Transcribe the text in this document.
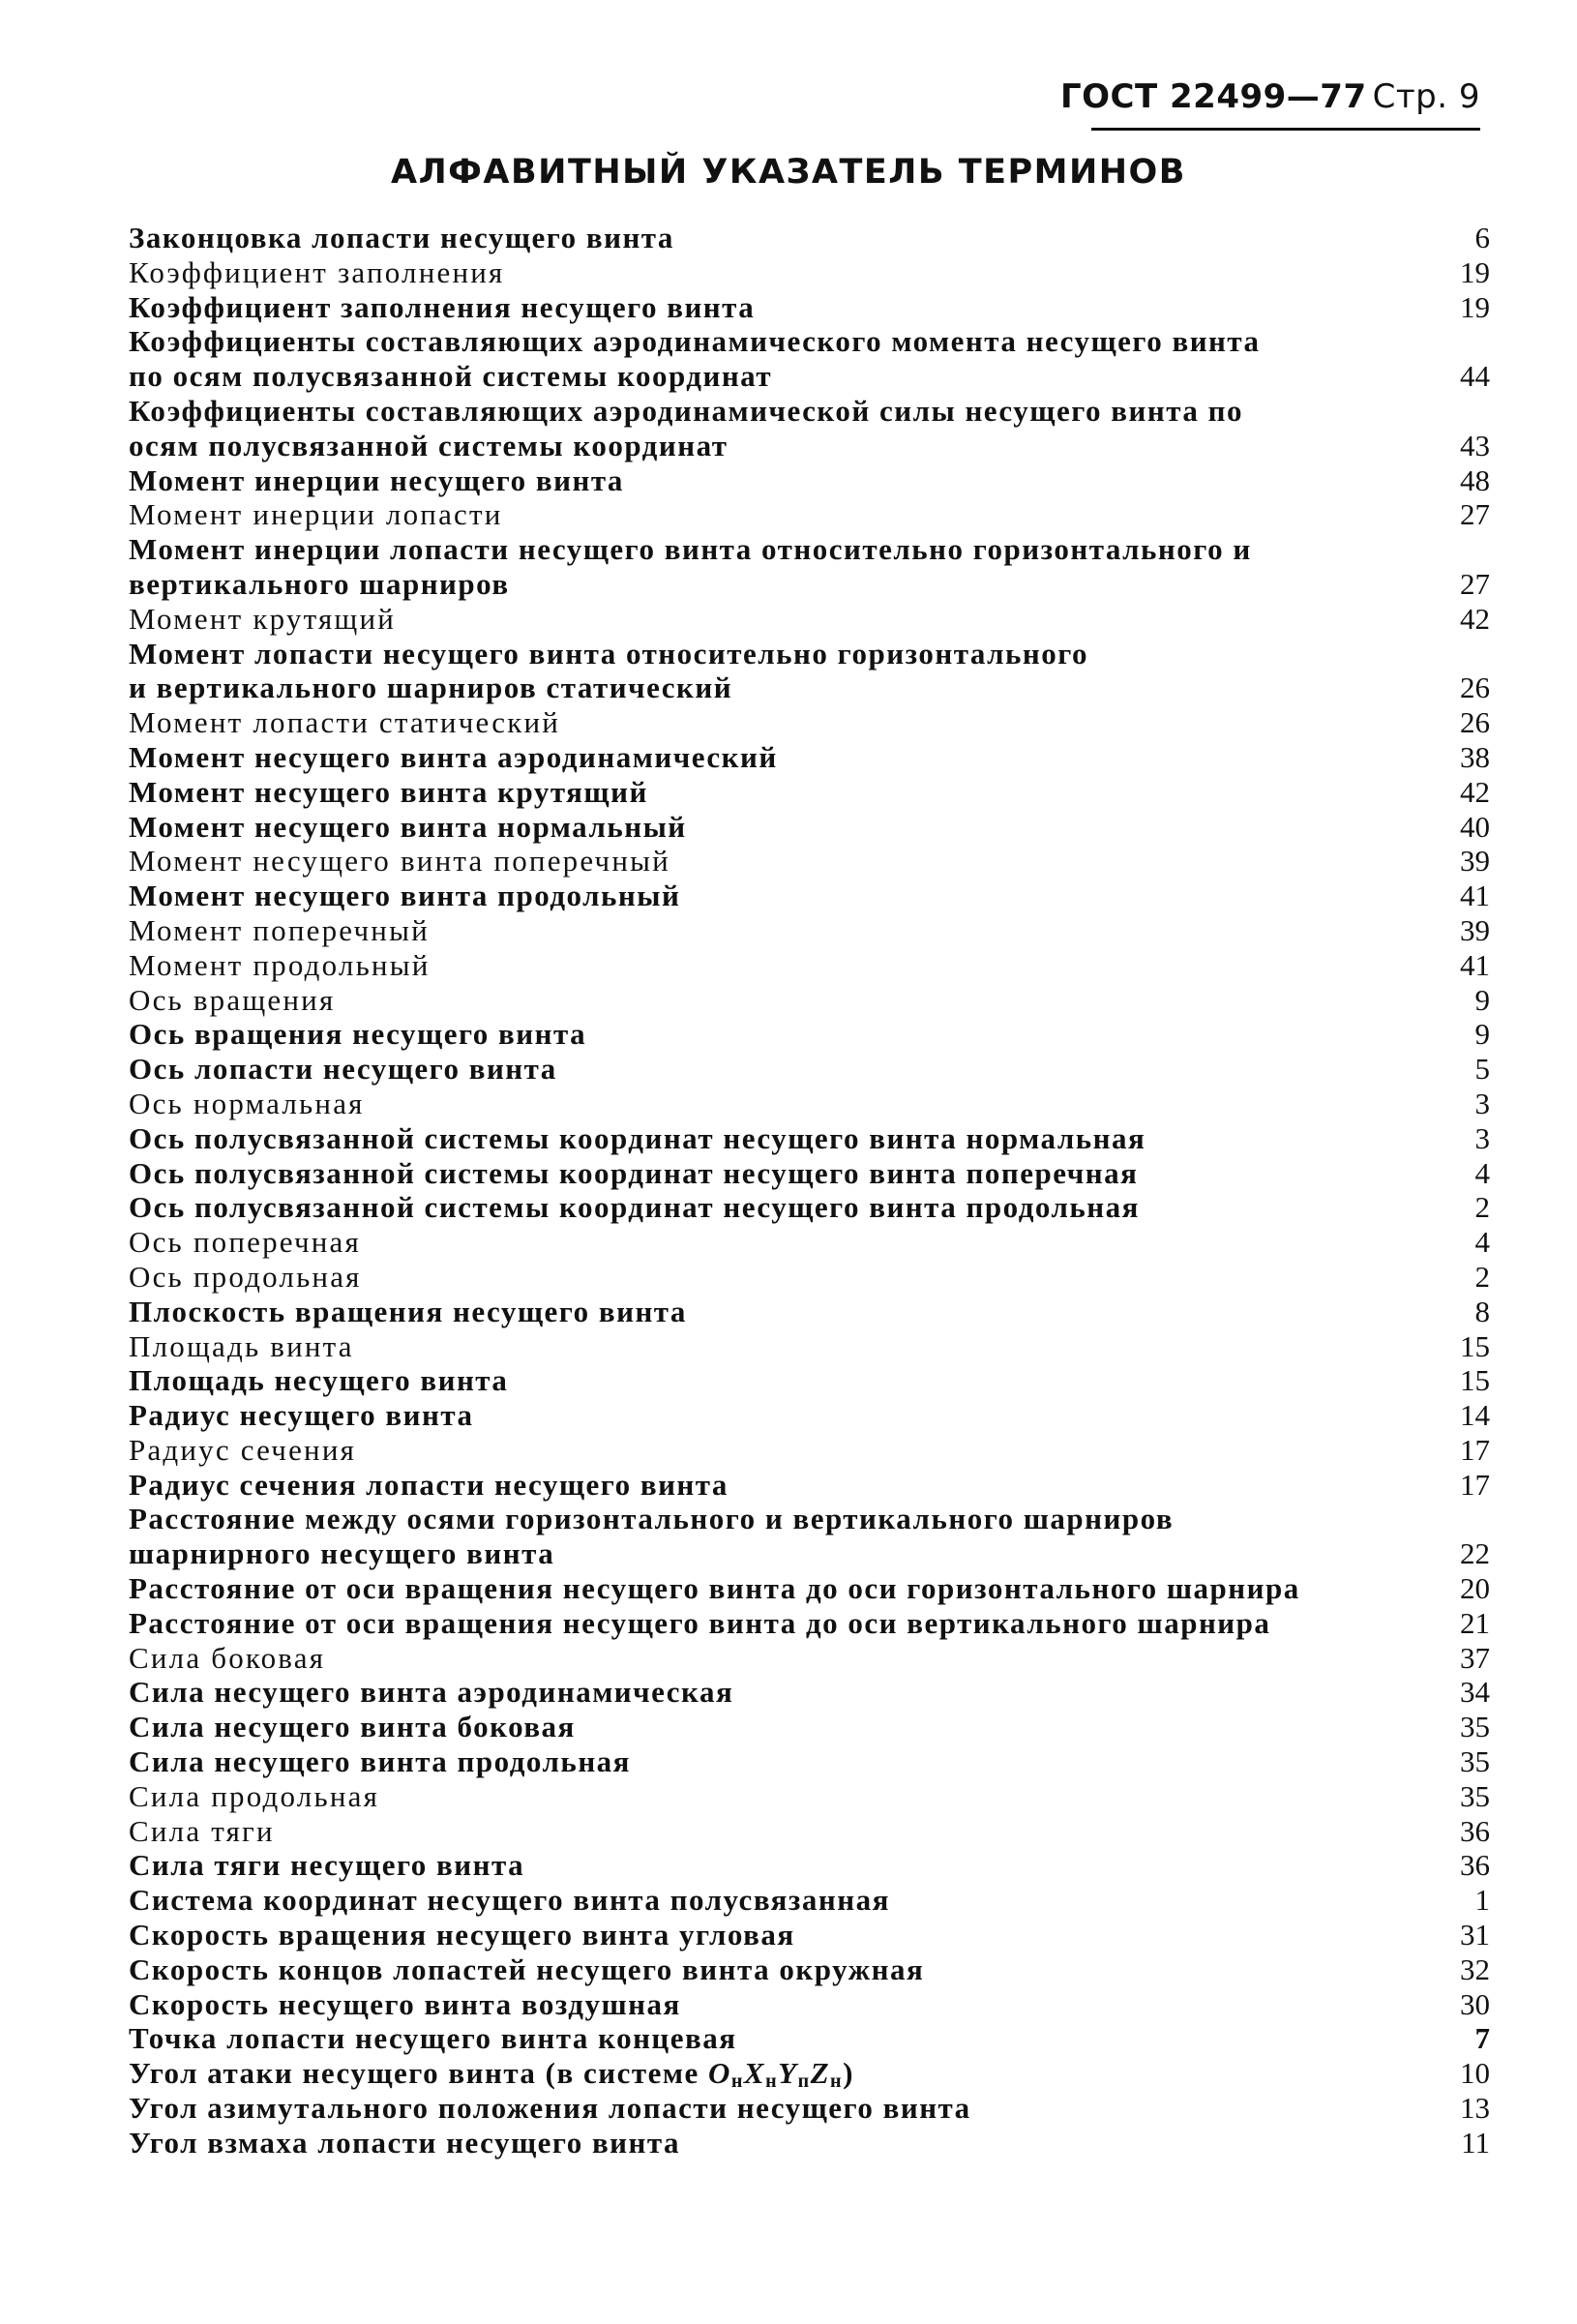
ГОСТ 22499—77 Стр. 9
АЛФАВИТНЫЙ УКАЗАТЕЛЬ ТЕРМИНОВ
Законцовка лопасти несущего винта	6
Коэффициент заполнения	19
Коэффициент заполнения несущего винта	19
Коэффициенты составляющих аэродинамического момента несущего винта
по осям полусвязанной системы координат	44
Коэффициенты составляющих аэродинамической силы несущего винта по
осям полусвязанной системы координат	43
Момент инерции несущего винта	48
Момент инерции лопасти	27
Момент инерции лопасти несущего винта относительно горизонтального и
вертикального шарниров	27
Момент крутящий	42
Момент лопасти несущего винта относительно горизонтального
и вертикального шарниров статический	26
Момент лопасти статический	26
Момент несущего винта аэродинамический	38
Момент несущего винта крутящий	42
Момент несущего винта нормальный	40
Момент несущего винта поперечный	39
Момент несущего винта продольный	41
Момент поперечный	39
Момент продольный	41
Ось вращения	9
Ось вращения несущего винта	9
Ось лопасти несущего винта	5
Ось нормальная	3
Ось полусвязанной системы координат несущего винта нормальная	3
Ось полусвязанной системы координат несущего винта поперечная	4
Ось полусвязанной системы координат несущего винта продольная	2
Ось поперечная	4
Ось продольная	2
Плоскость вращения несущего винта	8
Площадь винта	15
Площадь несущего винта	15
Радиус несущего винта	14
Радиус сечения	17
Радиус сечения лопасти несущего винта	17
Расстояние между осями горизонтального и вертикального шарниров
шарнирного несущего винта	22
Расстояние от оси вращения несущего винта до оси горизонтального шарнира	20
Расстояние от оси вращения несущего винта до оси вертикального шарнира	21
Сила боковая	37
Сила несущего винта аэродинамическая	34
Сила несущего винта боковая	35
Сила несущего винта продольная	35
Сила продольная	35
Сила тяги	36
Сила тяги несущего винта	36
Система координат несущего винта полусвязанная	1
Скорость вращения несущего винта угловая	31
Скорость концов лопастей несущего винта окружная	32
Скорость несущего винта воздушная	30
Точка лопасти несущего винта концевая	7
Угол атаки несущего винта (в системе $O_нX_нY_пZ_н$)	10
Угол азимутального положения лопасти несущего винта	13
Угол взмаха лопасти несущего винта	11
